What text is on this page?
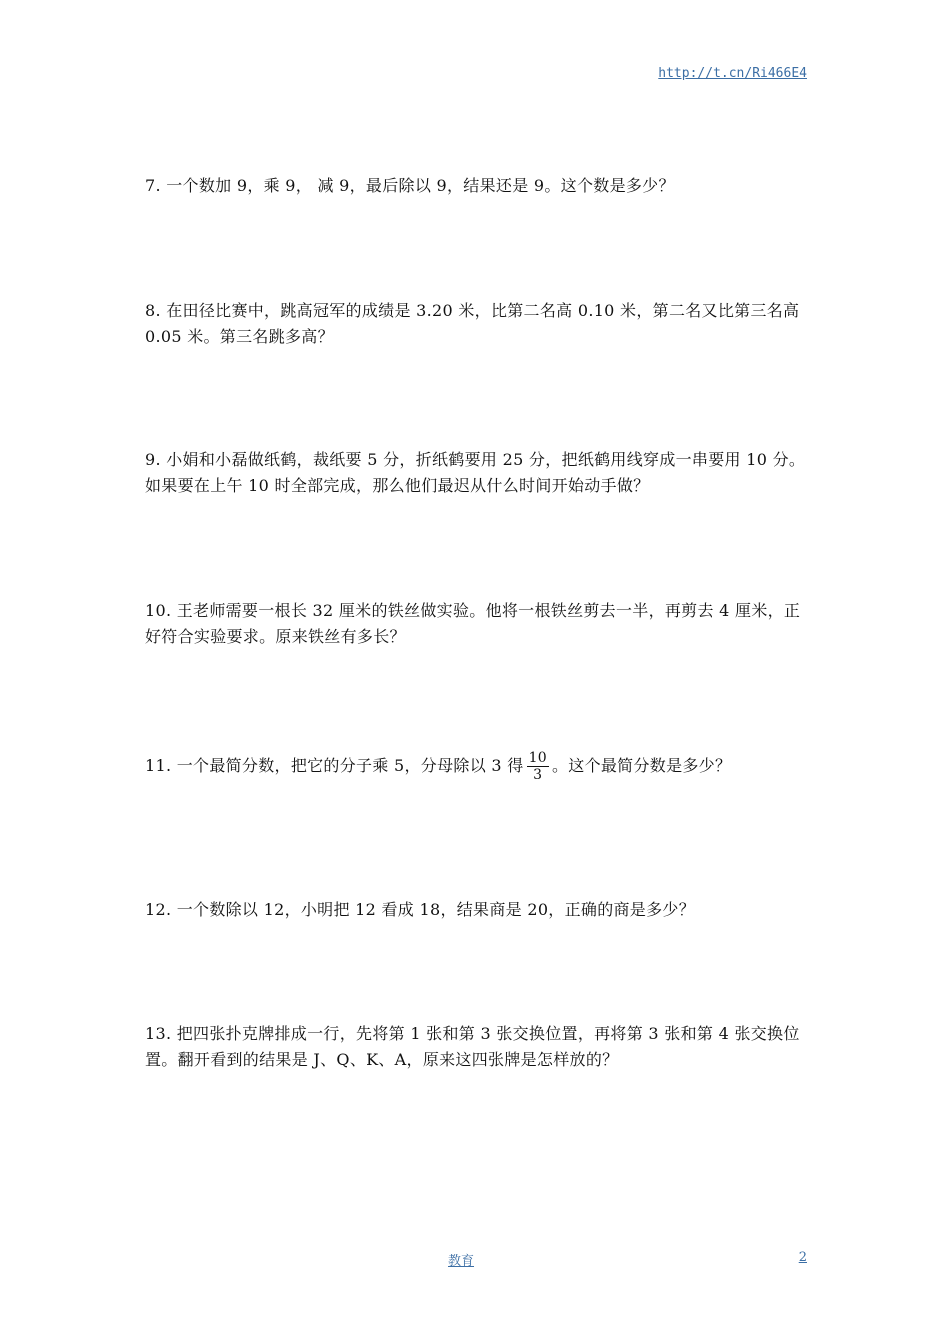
http://t.cn/Ri466E4
7. 一个数加 9，乘 9， 减 9，最后除以 9，结果还是 9。这个数是多少？
8. 在田径比赛中，跳高冠军的成绩是 3.20 米，比第二名高 0.10 米，第二名又比第三名高 0.05 米。第三名跳多高？
9. 小娟和小磊做纸鹤，裁纸要 5 分，折纸鹤要用 25 分，把纸鹤用线穿成一串要用 10 分。如果要在上午 10 时全部完成，那么他们最迟从什么时间开始动手做？
10. 王老师需要一根长 32 厘米的铁丝做实验。他将一根铁丝剪去一半，再剪去 4 厘米，正好符合实验要求。原来铁丝有多长？
11. 一个最简分数，把它的分子乘 5，分母除以 3 得 $\frac{10}{3}$ 。这个最简分数是多少？
12. 一个数除以 12，小明把 12 看成 18，结果商是 20，正确的商是多少？
13. 把四张扑克牌排成一行，先将第 1 张和第 3 张交换位置，再将第 3 张和第 4 张交换位置。翻开看到的结果是 J、Q、K、A，原来这四张牌是怎样放的？
教育	2
